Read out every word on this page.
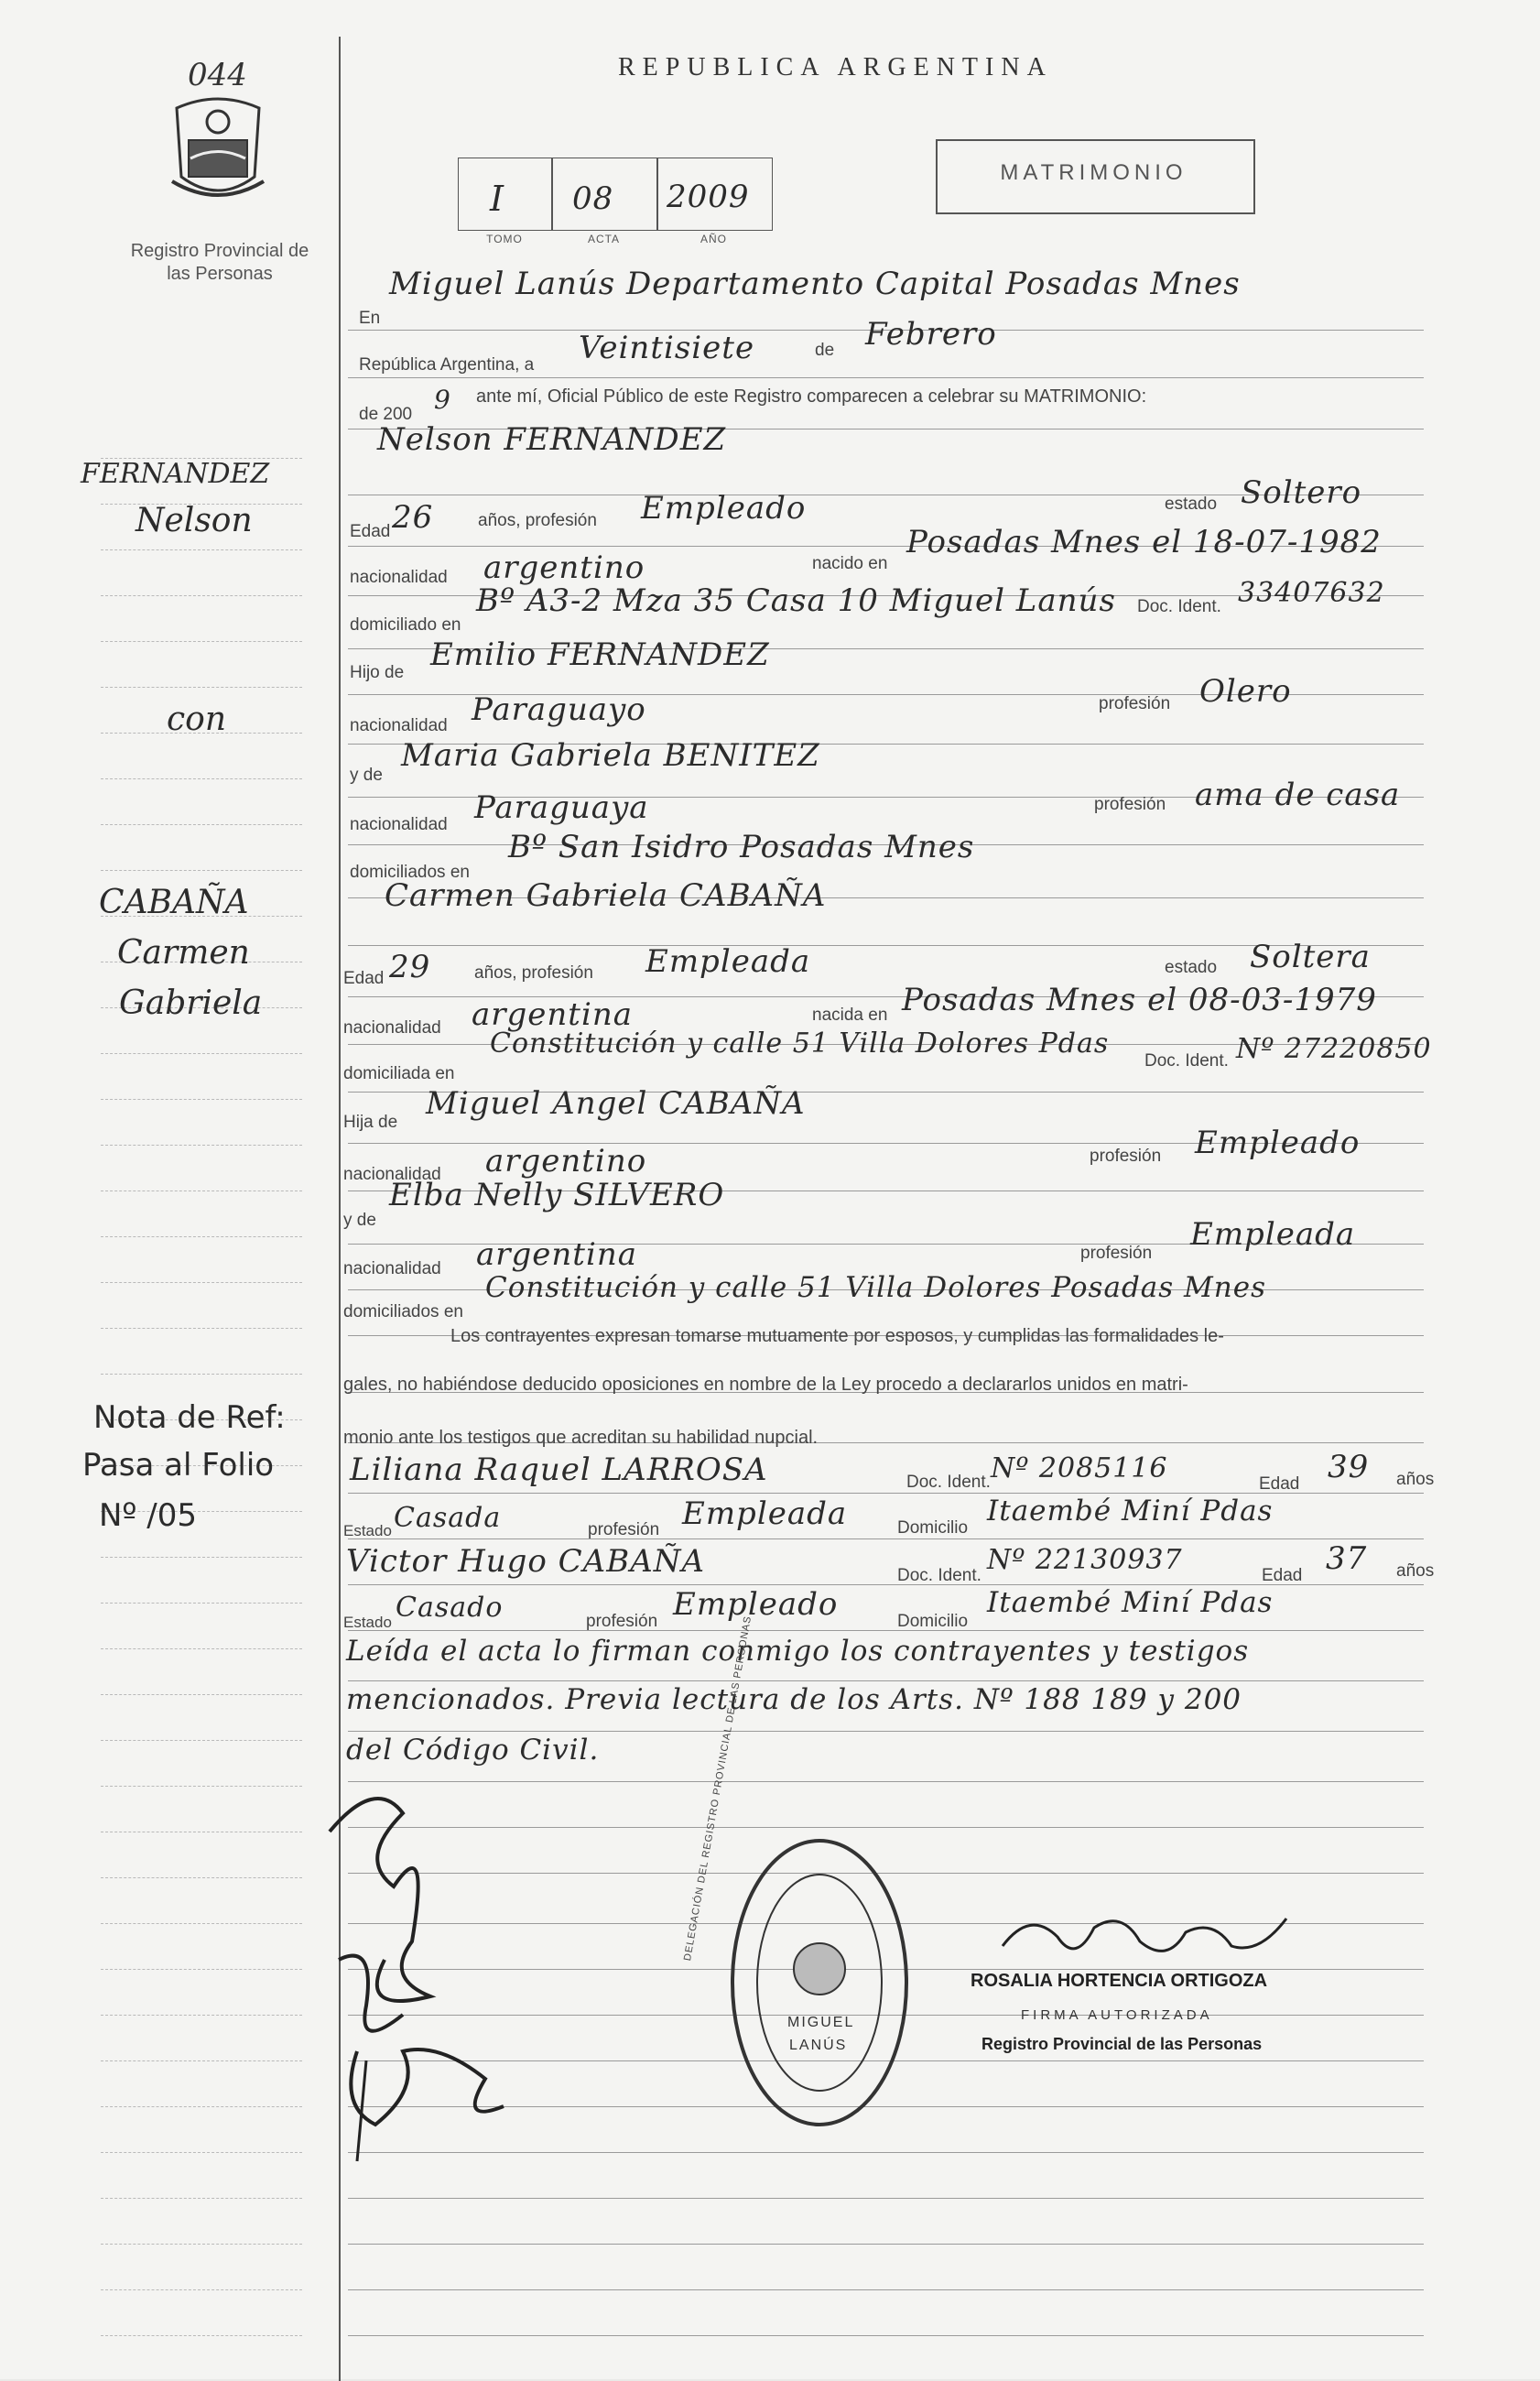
044
Registro Provincial de las Personas
REPUBLICA ARGENTINA
MATRIMONIO
I 08 2009
TOMO	ACTA	AÑO
En
Miguel Lanús Departamento Capital Posadas Mnes
República Argentina, a Veintisiete	de Febrero
de 200 9 ante mí, Oficial Público de este Registro comparecen a celebrar su MATRIMONIO:
Nelson FERNANDEZ
Edad 26	años, profesión Empleado	estado Soltero
nacionalidad argentino	nacido en
Posadas Mnes el 18-07-1982
domiciliado en
Bº A3-2 Mza 35 Casa 10 Miguel Lanús Doc. Ident. 33407632
Hijo de Emilio FERNANDEZ
nacionalidad Paraguayo	profesión Olero
y de
Maria Gabriela BENITEZ
nacionalidad Paraguaya	profesión ama de casa
domiciliados en
Bº San Isidro Posadas Mnes
Carmen Gabriela CABAÑA
Edad 29	años, profesión Empleada	estado Soltera
nacionalidad argentina	nacida en Posadas Mnes el 08-03-1979
domiciliada en
Constitución y calle 51 Villa Dolores Pdas
Doc. Ident. Nº 27220850
Hija de
Miguel Angel CABAÑA
nacionalidad argentino	profesión Empleado
y de
Elba Nelly SILVERO
nacionalidad argentina	profesión
Empleada
domiciliados en
Constitución y calle 51 Villa Dolores Posadas Mnes
Los contrayentes expresan tomarse mutuamente por esposos, y cumplidas las formalidades le-
gales, no habiéndose deducido oposiciones en nombre de la Ley procedo a declararlos unidos en matri-
monio ante los testigos que acreditan su habilidad nupcial.
Liliana Raquel LARROSA	Doc. Ident. Nº 2085116	Edad 39 años
Estado Casada	profesión Empleada	Domicilio
Itaembé Miní Pdas
Victor Hugo CABAÑA	Doc. Ident. Nº 22130937	Edad 37 años
Estado Casado	profesión Empleado	Domicilio
Itaembé Miní Pdas
Leída el acta lo firman conmigo los contrayentes y testigos
mencionados. Previa lectura de los Arts. Nº 188 189 y 200
del Código Civil.
FERNANDEZ
Nelson
con
CABAÑA
Carmen
Gabriela
Nota de Ref:
Pasa al Folio
Nº /05
DELEGACIÓN DEL REGISTRO PROVINCIAL DE LAS PERSONAS
MIGUEL
LANÚS
ROSALIA HORTENCIA ORTIGOZA
FIRMA AUTORIZADA
Registro Provincial de las Personas
